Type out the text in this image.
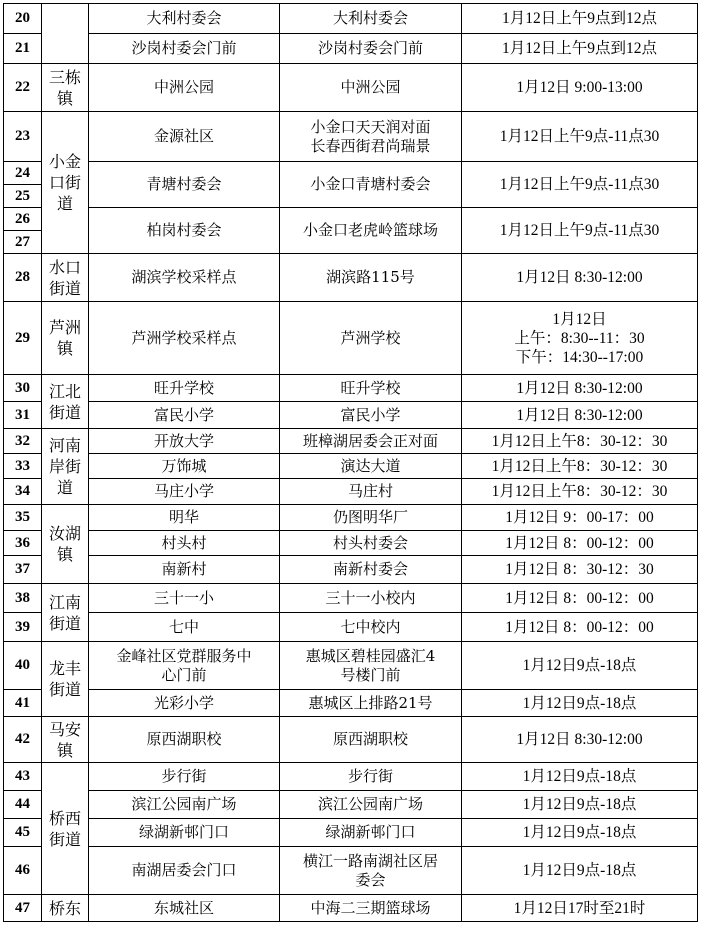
20		大利村委会	大利村委会	1月12日上午9点到12点
21		沙岗村委会门前	沙岗村委会门前	1月12日上午9点到12点
22	三栋镇	中洲公园	中洲公园	1月12日 9:00-13:00
23	小金口街道	金源社区	小金口天天润对面
长春西街君尚瑞景	1月12日上午9点-11点30
24		青塘村委会	小金口青塘村委会	1月12日上午9点-11点30
25				
26		柏岗村委会	小金口老虎岭篮球场	1月12日上午9点-11点30
27				
28	水口街道	湖滨学校采样点	湖滨路115号	1月12日 8:30-12:00
29	芦洲镇	芦洲学校采样点	芦洲学校	1月12日
上午：8:30--11：30
下午：14:30--17:00

30	江北街道	旺升学校	旺升学校	1月12日 8:30-12:00
31		富民小学	富民小学	1月12日 8:30-12:00
32	河南岸街道	开放大学	班樟湖居委会正对面	1月12日上午8：30-12：30
33		万饰城	演达大道	1月12日上午8：30-12：30
34		马庄小学	马庄村	1月12日上午8：30-12：30
35	汝湖镇	明华	仍图明华厂	1月12日 9：00-17：00
36		村头村	村头村委会	1月12日 8：00-12：00
37		南新村	南新村委会	1月12日 8：30-12：30
38	江南街道	三十一小	三十一小校内	1月12日 8：00-12：00
39		七中	七中校内	1月12日 8：00-12：00
40	龙丰街道	金峰社区党群服务中
心门前	惠城区碧桂园盛汇4
号楼门前	1月12日9点-18点
41		光彩小学	惠城区上排路21号	1月12日9点-18点
42	马安镇	原西湖职校	原西湖职校	1月12日 8:30-12:00
43	桥西街道	步行街	步行街	1月12日9点-18点
44		滨江公园南广场	滨江公园南广场	1月12日9点-18点
45		绿湖新邨门口	绿湖新邨门口	1月12日9点-18点
46		南湖居委会门口	横江一路南湖社区居
委会	1月12日9点-18点
47	桥东	东城社区	中海二三期篮球场	1月12日17时至21时
